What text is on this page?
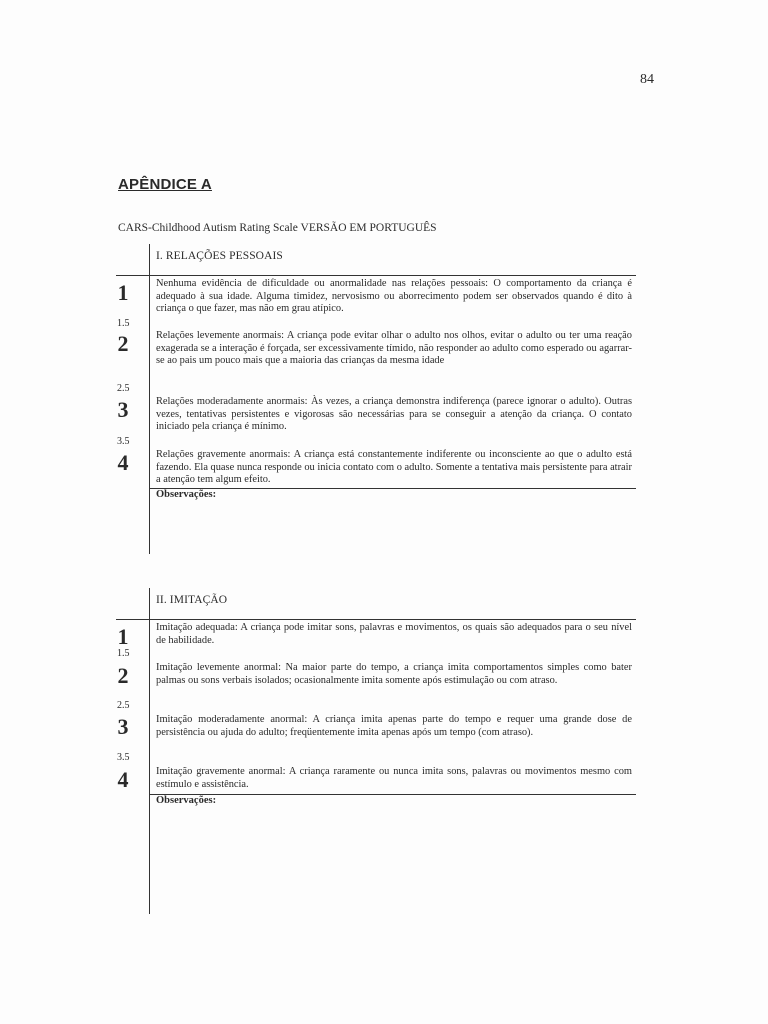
84
APÊNDICE A
CARS-Childhood Autism Rating Scale VERSÃO EM PORTUGUÊS
I. RELAÇÕES PESSOAIS
1
1.5
2
2.5
3
3.5
4
Nenhuma evidência de dificuldade ou anormalidade nas relações pessoais: O comportamento da criança é adequado à sua idade. Alguma timidez, nervosismo ou aborrecimento podem ser observados quando é dito à criança o que fazer, mas não em grau atípico.
Relações levemente anormais: A criança pode evitar olhar o adulto nos olhos, evitar o adulto ou ter uma reação exagerada se a interação é forçada, ser excessivamente tímido, não responder ao adulto como esperado ou agarrar-se ao pais um pouco mais que a maioria das crianças da mesma idade
Relações moderadamente anormais: Às vezes, a criança demonstra indiferença (parece ignorar o adulto). Outras vezes, tentativas persistentes e vigorosas são necessárias para se conseguir a atenção da criança. O contato iniciado pela criança é mínimo.
Relações gravemente anormais: A criança está constantemente indiferente ou inconsciente ao que o adulto está fazendo. Ela quase nunca responde ou inicia contato com o adulto. Somente a tentativa mais persistente para atrair a atenção tem algum efeito.
Observações:
II. IMITAÇÃO
1
1.5
2
2.5
3
3.5
4
Imitação adequada: A criança pode imitar sons, palavras e movimentos, os quais são adequados para o seu nível de habilidade.
Imitação levemente anormal: Na maior parte do tempo, a criança imita comportamentos simples como bater palmas ou sons verbais isolados; ocasionalmente imita somente após estimulação ou com atraso.
Imitação moderadamente anormal: A criança imita apenas parte do tempo e requer uma grande dose de persistência ou ajuda do adulto; freqüentemente imita apenas após um tempo (com atraso).
Imitação gravemente anormal: A criança raramente ou nunca imita sons, palavras ou movimentos mesmo com estímulo e assistência.
Observações:
